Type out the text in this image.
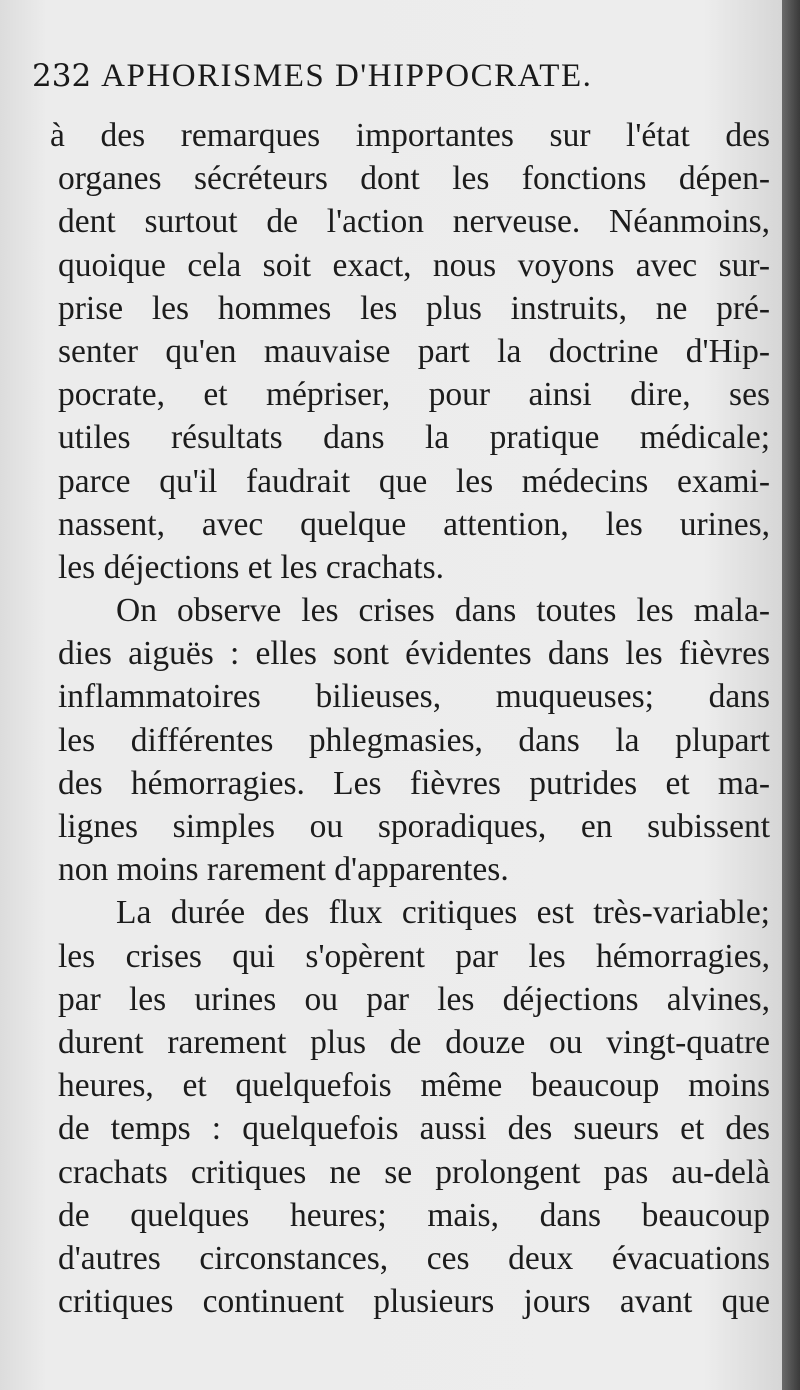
232 APHORISMES D'HIPPOCRATE.
à des remarques importantes sur l'état des
organes sécréteurs dont les fonctions dépen-
dent surtout de l'action nerveuse. Néanmoins,
quoique cela soit exact, nous voyons avec sur-
prise les hommes les plus instruits, ne pré-
senter qu'en mauvaise part la doctrine d'Hip-
pocrate, et mépriser, pour ainsi dire, ses
utiles résultats dans la pratique médicale;
parce qu'il faudrait que les médecins exami-
nassent, avec quelque attention, les urines,
les déjections et les crachats.
On observe les crises dans toutes les mala-
dies aiguës : elles sont évidentes dans les fièvres
inflammatoires bilieuses, muqueuses; dans
les différentes phlegmasies, dans la plupart
des hémorragies. Les fièvres putrides et ma-
lignes simples ou sporadiques, en subissent
non moins rarement d'apparentes.
La durée des flux critiques est très-variable;
les crises qui s'opèrent par les hémorragies,
par les urines ou par les déjections alvines,
durent rarement plus de douze ou vingt-quatre
heures, et quelquefois même beaucoup moins
de temps : quelquefois aussi des sueurs et des
crachats critiques ne se prolongent pas au-delà
de quelques heures; mais, dans beaucoup
d'autres circonstances, ces deux évacuations
critiques continuent plusieurs jours avant que
